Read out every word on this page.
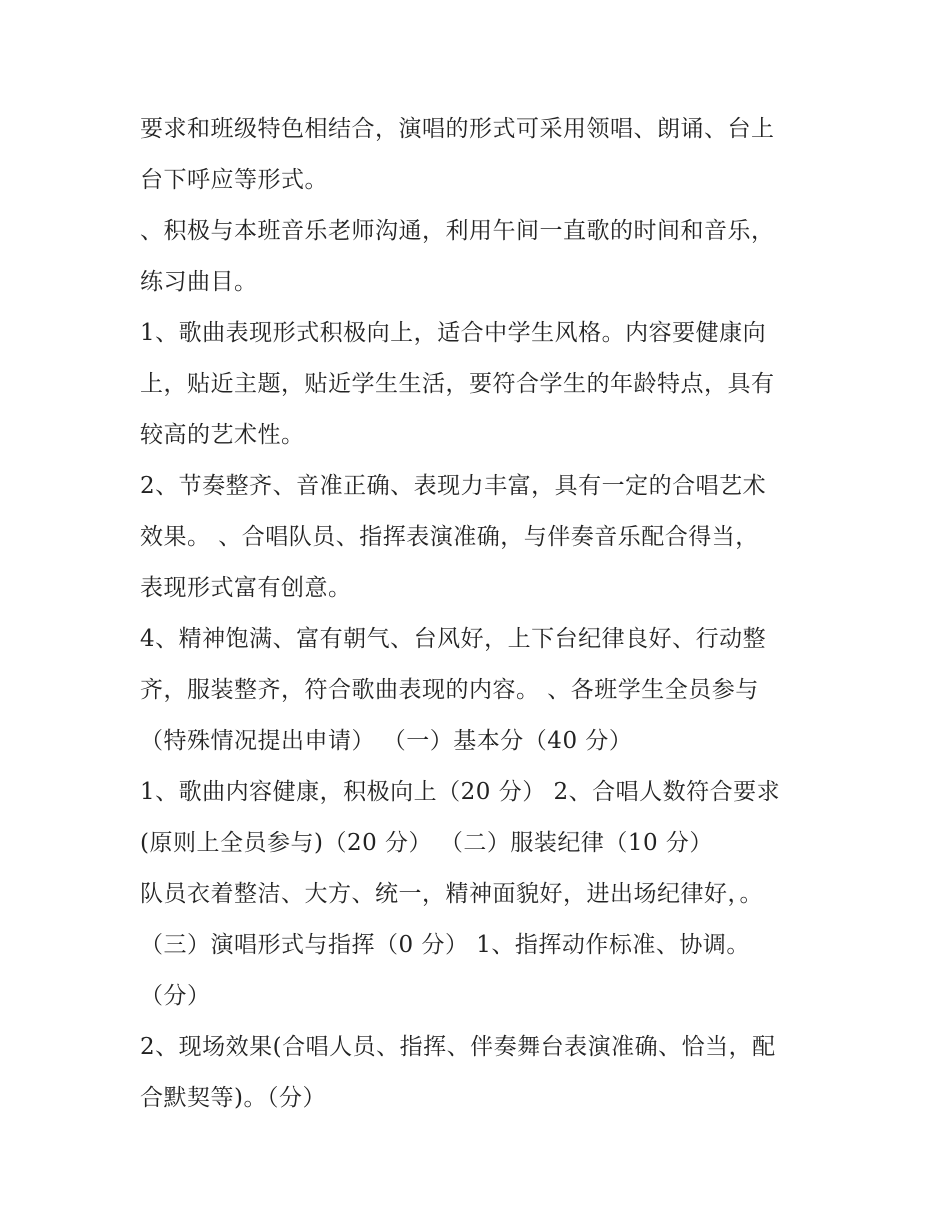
要求和班级特色相结合，演唱的形式可采用领唱、朗诵、台上
台下呼应等形式。
、积极与本班音乐老师沟通，利用午间一直歌的时间和音乐，
练习曲目。
1、歌曲表现形式积极向上，适合中学生风格。内容要健康向
上，贴近主题，贴近学生生活，要符合学生的年龄特点，具有
较高的艺术性。
2、节奏整齐、音准正确、表现力丰富，具有一定的合唱艺术
效果。 、合唱队员、指挥表演准确，与伴奏音乐配合得当，
表现形式富有创意。
4、精神饱满、富有朝气、台风好，上下台纪律良好、行动整
齐，服装整齐，符合歌曲表现的内容。 、各班学生全员参与
（特殊情况提出申请） （一）基本分（40 分）
1、歌曲内容健康，积极向上（20 分） 2、合唱人数符合要求
(原则上全员参与)（20 分） （二）服装纪律（10 分）
队员衣着整洁、大方、统一，精神面貌好，进出场纪律好，。
（三）演唱形式与指挥（0 分） 1、指挥动作标准、协调。
（分）
2、现场效果(合唱人员、指挥、伴奏舞台表演准确、恰当，配
合默契等)。（分）
